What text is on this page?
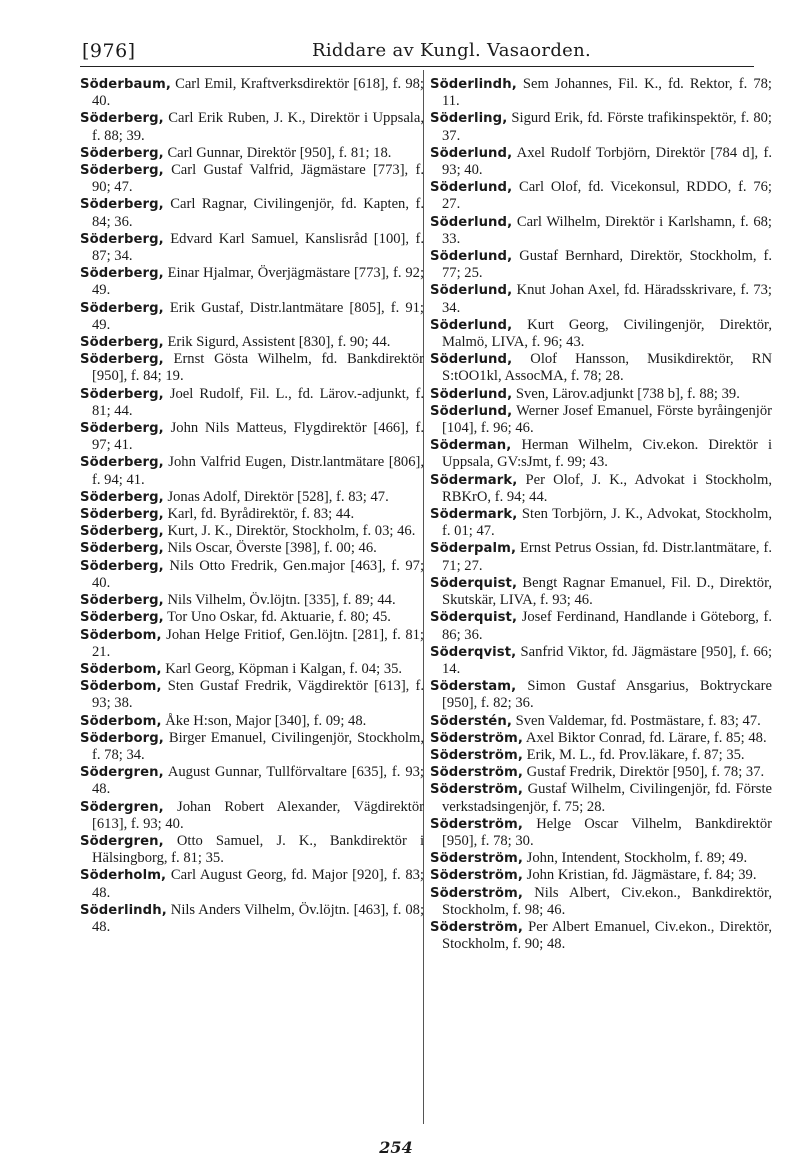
[976]	Riddare av Kungl. Vasaorden.

Söderbaum, Carl Emil, Kraftverksdirektör [618], f. 98; 40.

Söderberg, Carl Erik Ruben, J. K., Direktör i Uppsala, f. 88; 39.

Söderberg, Carl Gunnar, Direktör [950], f. 81; 18.

Söderberg, Carl Gustaf Valfrid, Jägmästare [773], f. 90; 47.

Söderberg, Carl Ragnar, Civilingenjör, fd. Kapten, f. 84; 36.

Söderberg, Edvard Karl Samuel, Kanslisråd [100], f. 87; 34.

Söderberg, Einar Hjalmar, Överjägmästare [773], f. 92; 49.

Söderberg, Erik Gustaf, Distr.lantmätare [805], f. 91; 49.

Söderberg, Erik Sigurd, Assistent [830], f. 90; 44.

Söderberg, Ernst Gösta Wilhelm, fd. Bankdirektör [950], f. 84; 19.

Söderberg, Joel Rudolf, Fil. L., fd. Lärov.-adjunkt, f. 81; 44.

Söderberg, John Nils Matteus, Flygdirektör [466], f. 97; 41.

Söderberg, John Valfrid Eugen, Distr.lantmätare [806], f. 94; 41.

Söderberg, Jonas Adolf, Direktör [528], f. 83; 47.

Söderberg, Karl, fd. Byrådirektör, f. 83; 44.

Söderberg, Kurt, J. K., Direktör, Stockholm, f. 03; 46.

Söderberg, Nils Oscar, Överste [398], f. 00; 46.

Söderberg, Nils Otto Fredrik, Gen.major [463], f. 97; 40.

Söderberg, Nils Vilhelm, Öv.löjtn. [335], f. 89; 44.

Söderberg, Tor Uno Oskar, fd. Aktuarie, f. 80; 45.

Söderbom, Johan Helge Fritiof, Gen.löjtn. [281], f. 81; 21.

Söderbom, Karl Georg, Köpman i Kalgan, f. 04; 35.

Söderbom, Sten Gustaf Fredrik, Vägdirektör [613], f. 93; 38.

Söderbom, Åke H:son, Major [340], f. 09; 48.

Söderborg, Birger Emanuel, Civilingenjör, Stockholm, f. 78; 34.

Södergren, August Gunnar, Tullförvaltare [635], f. 93; 48.

Södergren, Johan Robert Alexander, Vägdirektör [613], f. 93; 40.

Södergren, Otto Samuel, J. K., Bankdirektör i Hälsingborg, f. 81; 35.

Söderholm, Carl August Georg, fd. Major [920], f. 83; 48.

Söderlindh, Nils Anders Vilhelm, Öv.löjtn. [463], f. 08; 48.

Söderlindh, Sem Johannes, Fil. K., fd. Rektor, f. 78; 11.

Söderling, Sigurd Erik, fd. Förste trafikinspektör, f. 80; 37.

Söderlund, Axel Rudolf Torbjörn, Direktör [784 d], f. 93; 40.

Söderlund, Carl Olof, fd. Vicekonsul, RDDO, f. 76; 27.

Söderlund, Carl Wilhelm, Direktör i Karlshamn, f. 68; 33.

Söderlund, Gustaf Bernhard, Direktör, Stockholm, f. 77; 25.

Söderlund, Knut Johan Axel, fd. Häradsskrivare, f. 73; 34.

Söderlund, Kurt Georg, Civilingenjör, Direktör, Malmö, LIVA, f. 96; 43.

Söderlund, Olof Hansson, Musikdirektör, RN S:tOO1kl, AssocMA, f. 78; 28.

Söderlund, Sven, Lärov.adjunkt [738 b], f. 88; 39.

Söderlund, Werner Josef Emanuel, Förste byråingenjör [104], f. 96; 46.

Söderman, Herman Wilhelm, Civ.ekon. Direktör i Uppsala, GV:sJmt, f. 99; 43.

Södermark, Per Olof, J. K., Advokat i Stockholm, RBKrO, f. 94; 44.

Södermark, Sten Torbjörn, J. K., Advokat, Stockholm, f. 01; 47.

Söderpalm, Ernst Petrus Ossian, fd. Distr.lantmätare, f. 71; 27.

Söderquist, Bengt Ragnar Emanuel, Fil. D., Direktör, Skutskär, LIVA, f. 93; 46.

Söderquist, Josef Ferdinand, Handlande i Göteborg, f. 86; 36.

Söderqvist, Sanfrid Viktor, fd. Jägmästare [950], f. 66; 14.

Söderstam, Simon Gustaf Ansgarius, Boktryckare [950], f. 82; 36.

Söderstén, Sven Valdemar, fd. Postmästare, f. 83; 47.

Söderström, Axel Biktor Conrad, fd. Lärare, f. 85; 48.

Söderström, Erik, M. L., fd. Prov.läkare, f. 87; 35.

Söderström, Gustaf Fredrik, Direktör [950], f. 78; 37.

Söderström, Gustaf Wilhelm, Civilingenjör, fd. Förste verkstadsingenjör, f. 75; 28.

Söderström, Helge Oscar Vilhelm, Bankdirektör [950], f. 78; 30.

Söderström, John, Intendent, Stockholm, f. 89; 49.

Söderström, John Kristian, fd. Jägmästare, f. 84; 39.

Söderström, Nils Albert, Civ.ekon., Bankdirektör, Stockholm, f. 98; 46.

Söderström, Per Albert Emanuel, Civ.ekon., Direktör, Stockholm, f. 90; 48.

254
